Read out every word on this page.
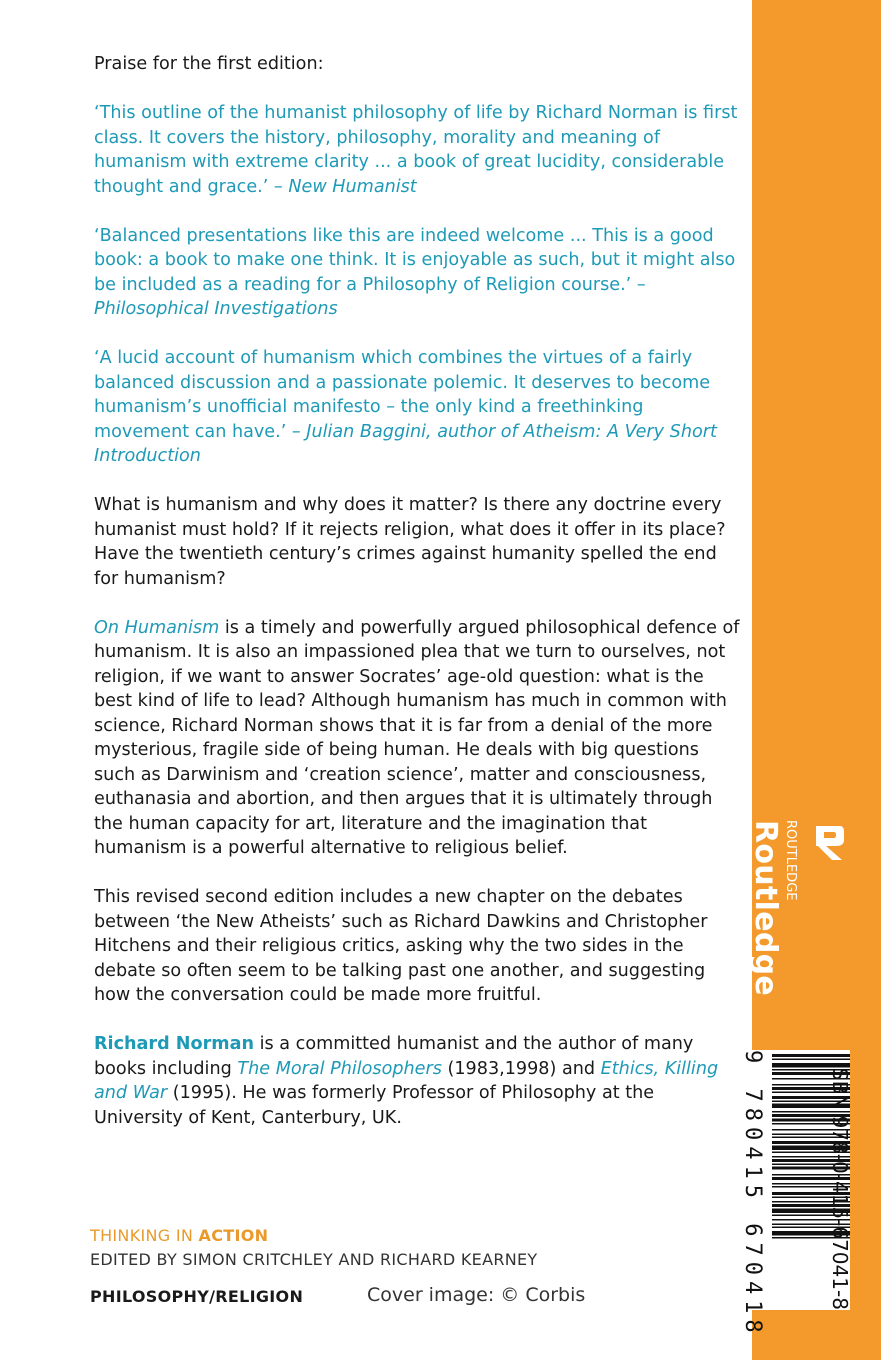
Praise for the first edition:

‘This outline of the humanist philosophy of life by Richard Norman is first class. It covers the history, philosophy, morality and meaning of humanism with extreme clarity ... a book of great lucidity, considerable thought and grace.’ – New Humanist

‘Balanced presentations like this are indeed welcome ... This is a good book: a book to make one think. It is enjoyable as such, but it might also be included as a reading for a Philosophy of Religion course.’ – Philosophical Investigations

‘A lucid account of humanism which combines the virtues of a fairly balanced discussion and a passionate polemic. It deserves to become humanism’s unofficial manifesto – the only kind a freethinking movement can have.’ – Julian Baggini, author of Atheism: A Very Short Introduction

What is humanism and why does it matter? Is there any doctrine every humanist must hold? If it rejects religion, what does it offer in its place? Have the twentieth century’s crimes against humanity spelled the end for humanism?

On Humanism is a timely and powerfully argued philosophical defence of humanism. It is also an impassioned plea that we turn to ourselves, not religion, if we want to answer Socrates’ age-old question: what is the best kind of life to lead? Although humanism has much in common with science, Richard Norman shows that it is far from a denial of the more mysterious, fragile side of being human. He deals with big questions such as Darwinism and ‘creation science’, matter and consciousness, euthanasia and abortion, and then argues that it is ultimately through the human capacity for art, literature and the imagination that humanism is a powerful alternative to religious belief.

This revised second edition includes a new chapter on the debates between ‘the New Atheists’ such as Richard Dawkins and Christopher Hitchens and their religious critics, asking why the two sides in the debate so often seem to be talking past one another, and suggesting how the conversation could be made more fruitful.

Richard Norman is a committed humanist and the author of many books including The Moral Philosophers (1983,1998) and Ethics, Killing and War (1995). He was formerly Professor of Philosophy at the University of Kent, Canterbury, UK.

THINKING IN ACTION
EDITED BY SIMON CRITCHLEY AND RICHARD KEARNEY
PHILOSOPHY/RELIGION	Cover image: © Corbis
ROUTLEDGE
Routledge
Taylor & Francis Group
www.routledge.com
an informa business
9 780415 670418	ISBN 978-0-415-67041-8
